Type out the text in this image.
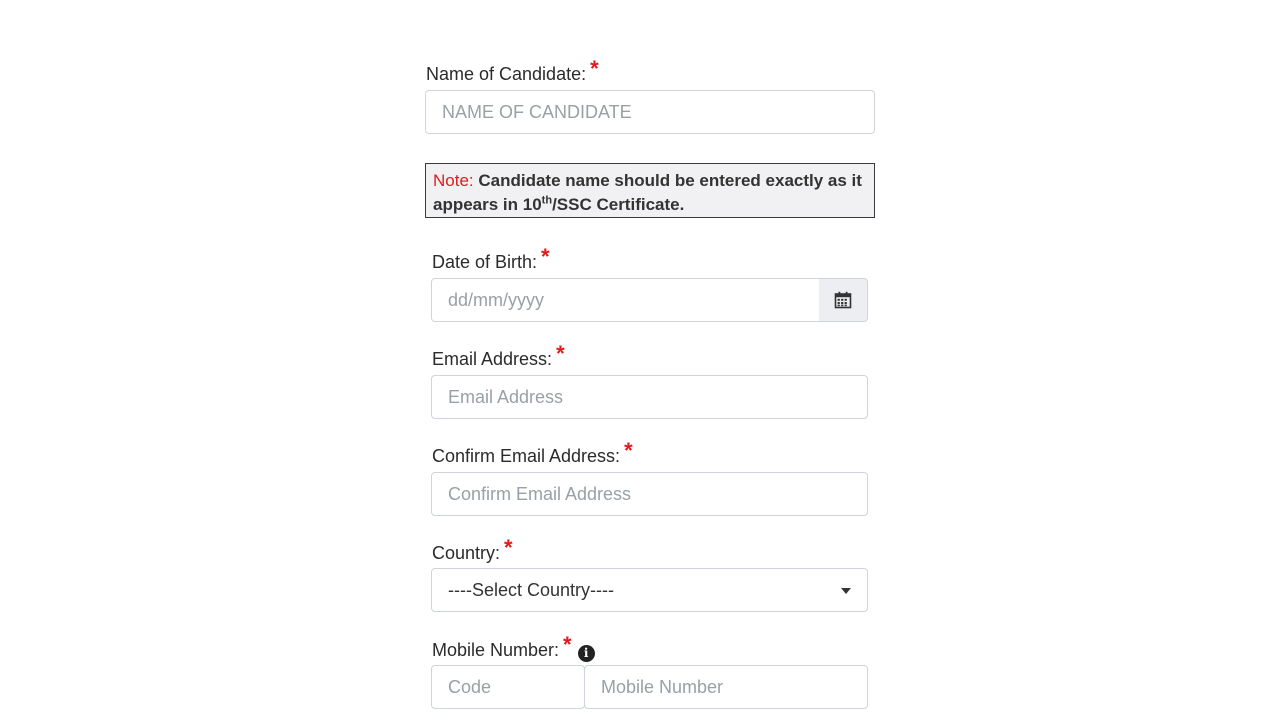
Name of Candidate: *
NAME OF CANDIDATE
Note: Candidate name should be entered exactly as it appears in 10th/SSC Certificate.
Date of Birth: *
dd/mm/yyyy
Email Address: *
Email Address
Confirm Email Address: *
Confirm Email Address
Country: *
----Select Country----
Mobile Number: * i
Code	Mobile Number
